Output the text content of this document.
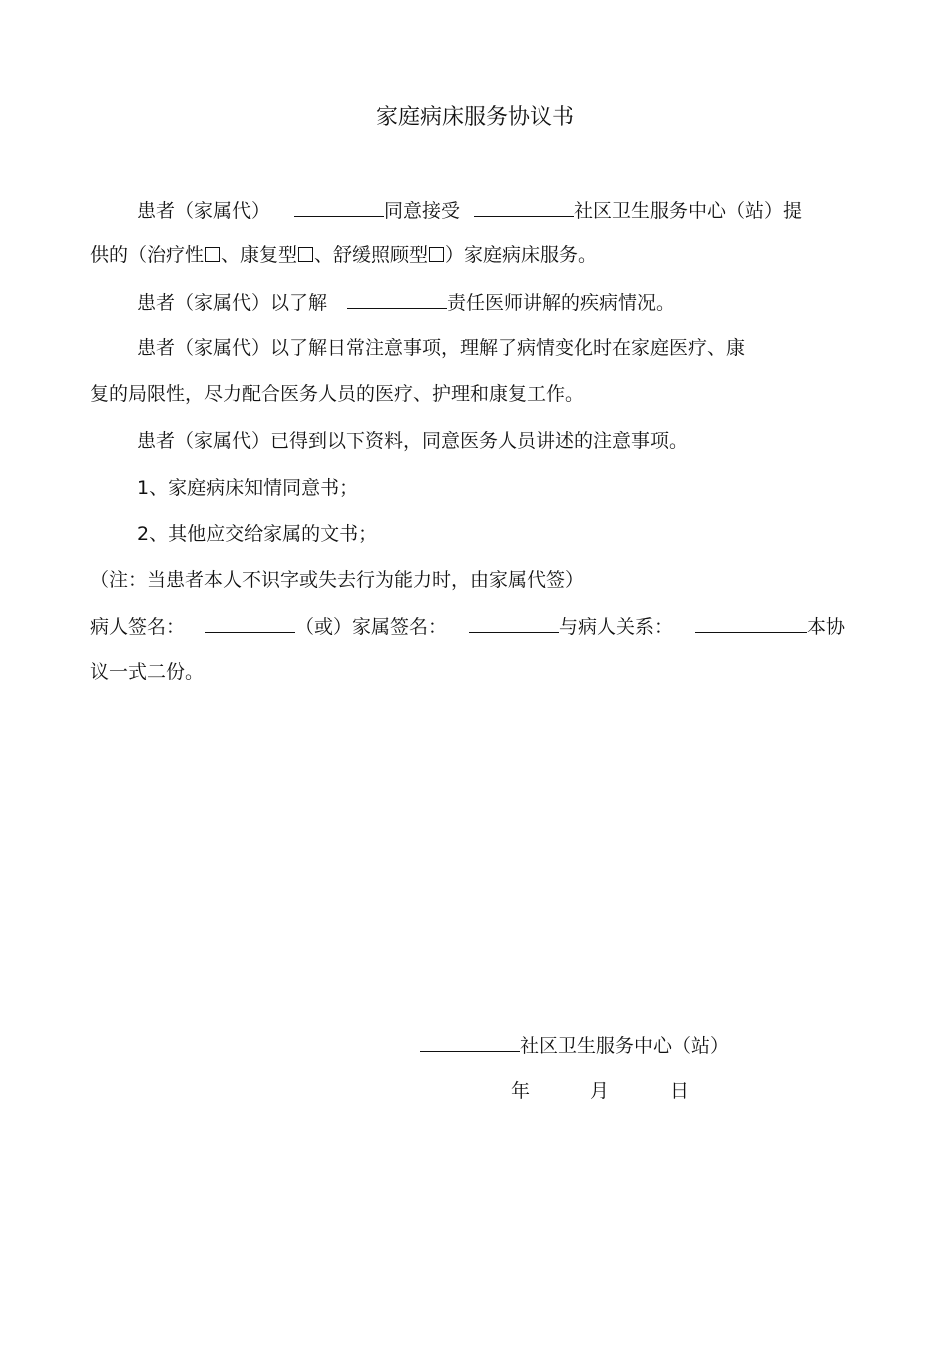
家庭病床服务协议书
患者（家属代）	同意接受	社区卫生服务中心（站）提
供的（治疗性 、康复型 、舒缓照顾型 ）家庭病床服务。
患者（家属代）以了解	责任医师讲解的疾病情况。
患者（家属代）以了解日常注意事项，理解了病情变化时在家庭医疗、康
复的局限性，尽力配合医务人员的医疗、护理和康复工作。
患者（家属代）已得到以下资料，同意医务人员讲述的注意事项。
1、家庭病床知情同意书；
2、其他应交给家属的文书；
（注：当患者本人不识字或失去行为能力时，由家属代签）
病人签名：	（或）家属签名：	与病人关系：	本协
议一式二份。
社区卫生服务中心（站）
年	月	日
